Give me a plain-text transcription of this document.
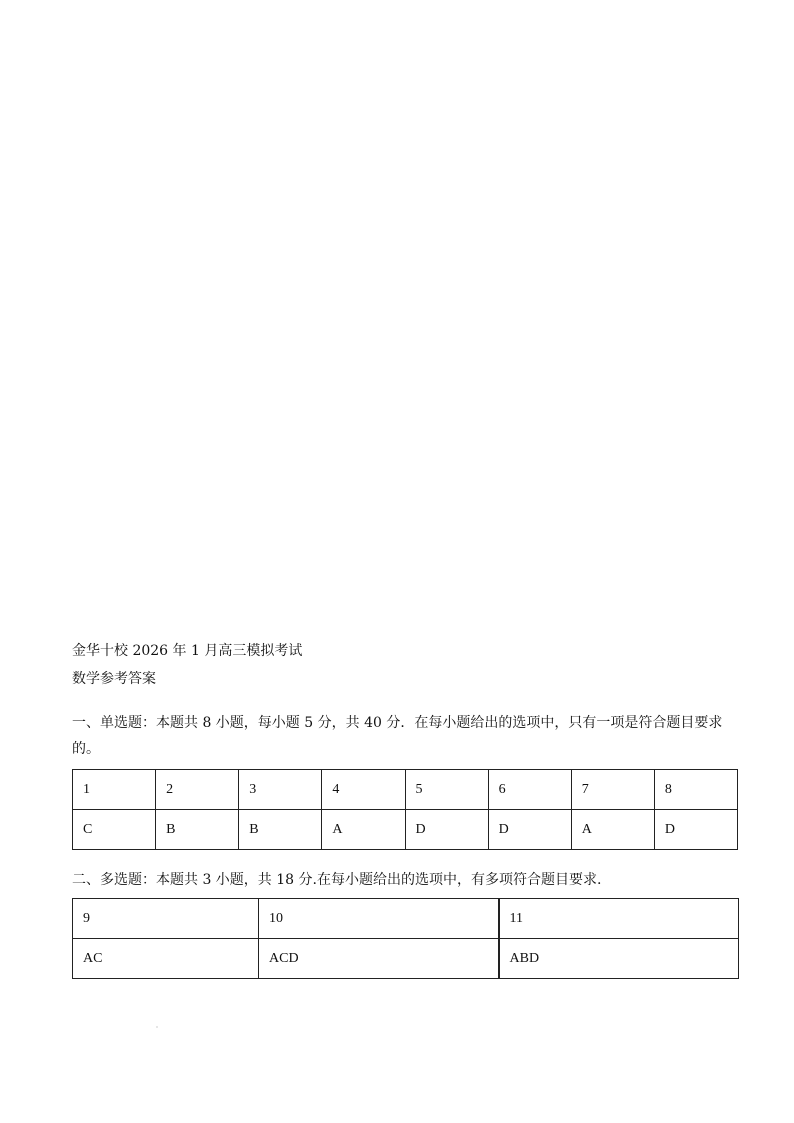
金华十校 2026 年 1 月高三模拟考试
数学参考答案
一、单选题：本题共 8 小题，每小题 5 分，共 40 分．在每小题给出的选项中，只有一项是符合题目要求
的。
1	2	3	4	5	6	7	8
C	B	B	A	D	D	A	D
二、多选题：本题共 3 小题，共 18 分.在每小题给出的选项中，有多项符合题目要求.
9	10	11
AC	ACD	ABD
